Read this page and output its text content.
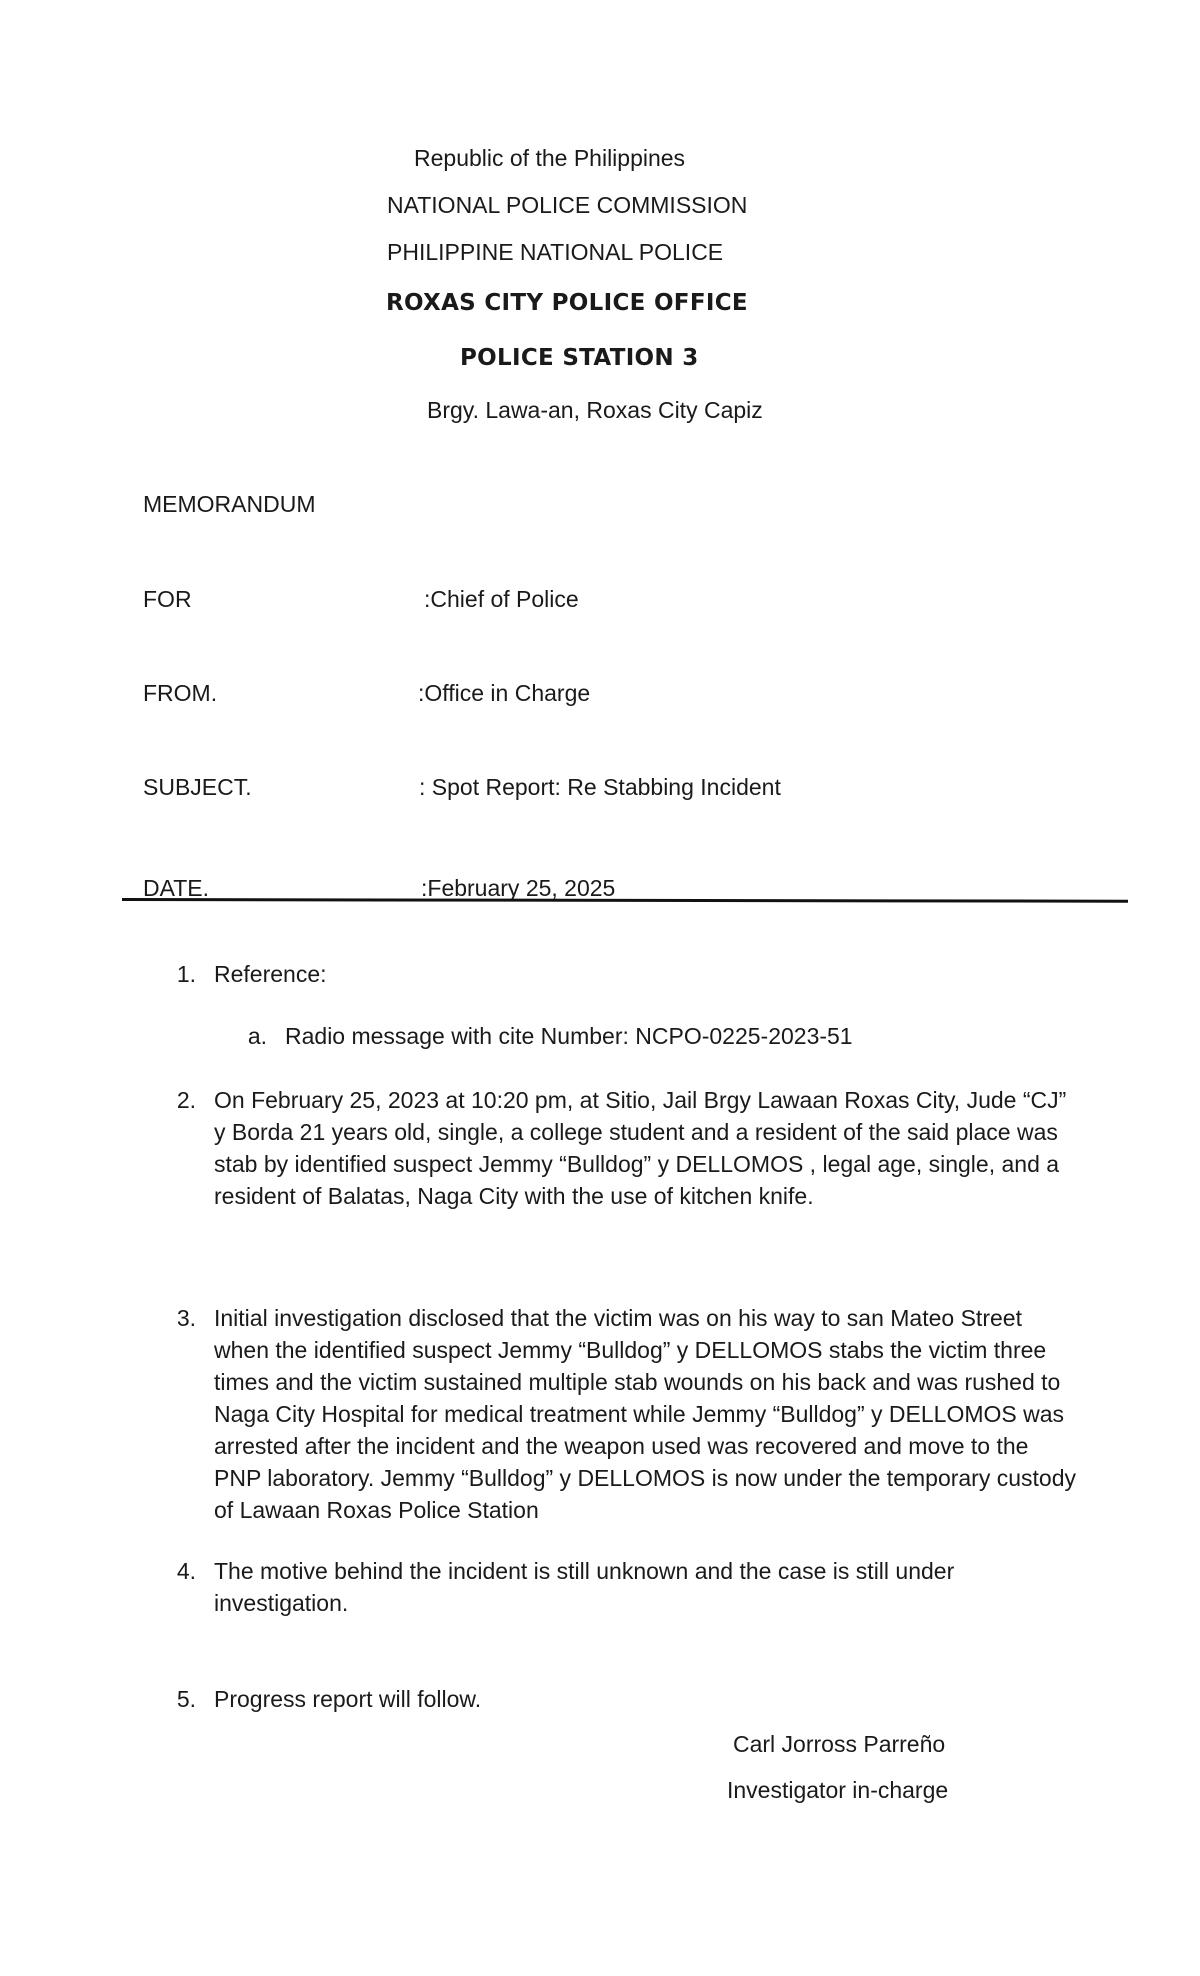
Republic of the Philippines
NATIONAL POLICE COMMISSION
PHILIPPINE NATIONAL POLICE
ROXAS CITY POLICE OFFICE
POLICE STATION 3
Brgy. Lawa-an, Roxas City Capiz
MEMORANDUM
FOR	:Chief of Police
FROM.	:Office in Charge
SUBJECT.	: Spot Report: Re Stabbing Incident
DATE.	:February 25, 2025
1. Reference:
a. Radio message with cite Number: NCPO-0225-2023-51
2. On February 25, 2023 at 10:20 pm, at Sitio, Jail Brgy Lawaan Roxas City, Jude “CJ” y Borda 21 years old, single, a college student and a resident of the said place was stab by identified suspect Jemmy “Bulldog” y DELLOMOS , legal age, single, and a resident of Balatas, Naga City with the use of kitchen knife.
3. Initial investigation disclosed that the victim was on his way to san Mateo Street when the identified suspect Jemmy “Bulldog” y DELLOMOS stabs the victim three times and the victim sustained multiple stab wounds on his back and was rushed to Naga City Hospital for medical treatment while Jemmy “Bulldog” y DELLOMOS was arrested after the incident and the weapon used was recovered and move to the PNP laboratory. Jemmy “Bulldog” y DELLOMOS is now under the temporary custody of Lawaan Roxas Police Station
4. The motive behind the incident is still unknown and the case is still under investigation.
5. Progress report will follow.
Carl Jorross Parreño
Investigator in-charge
